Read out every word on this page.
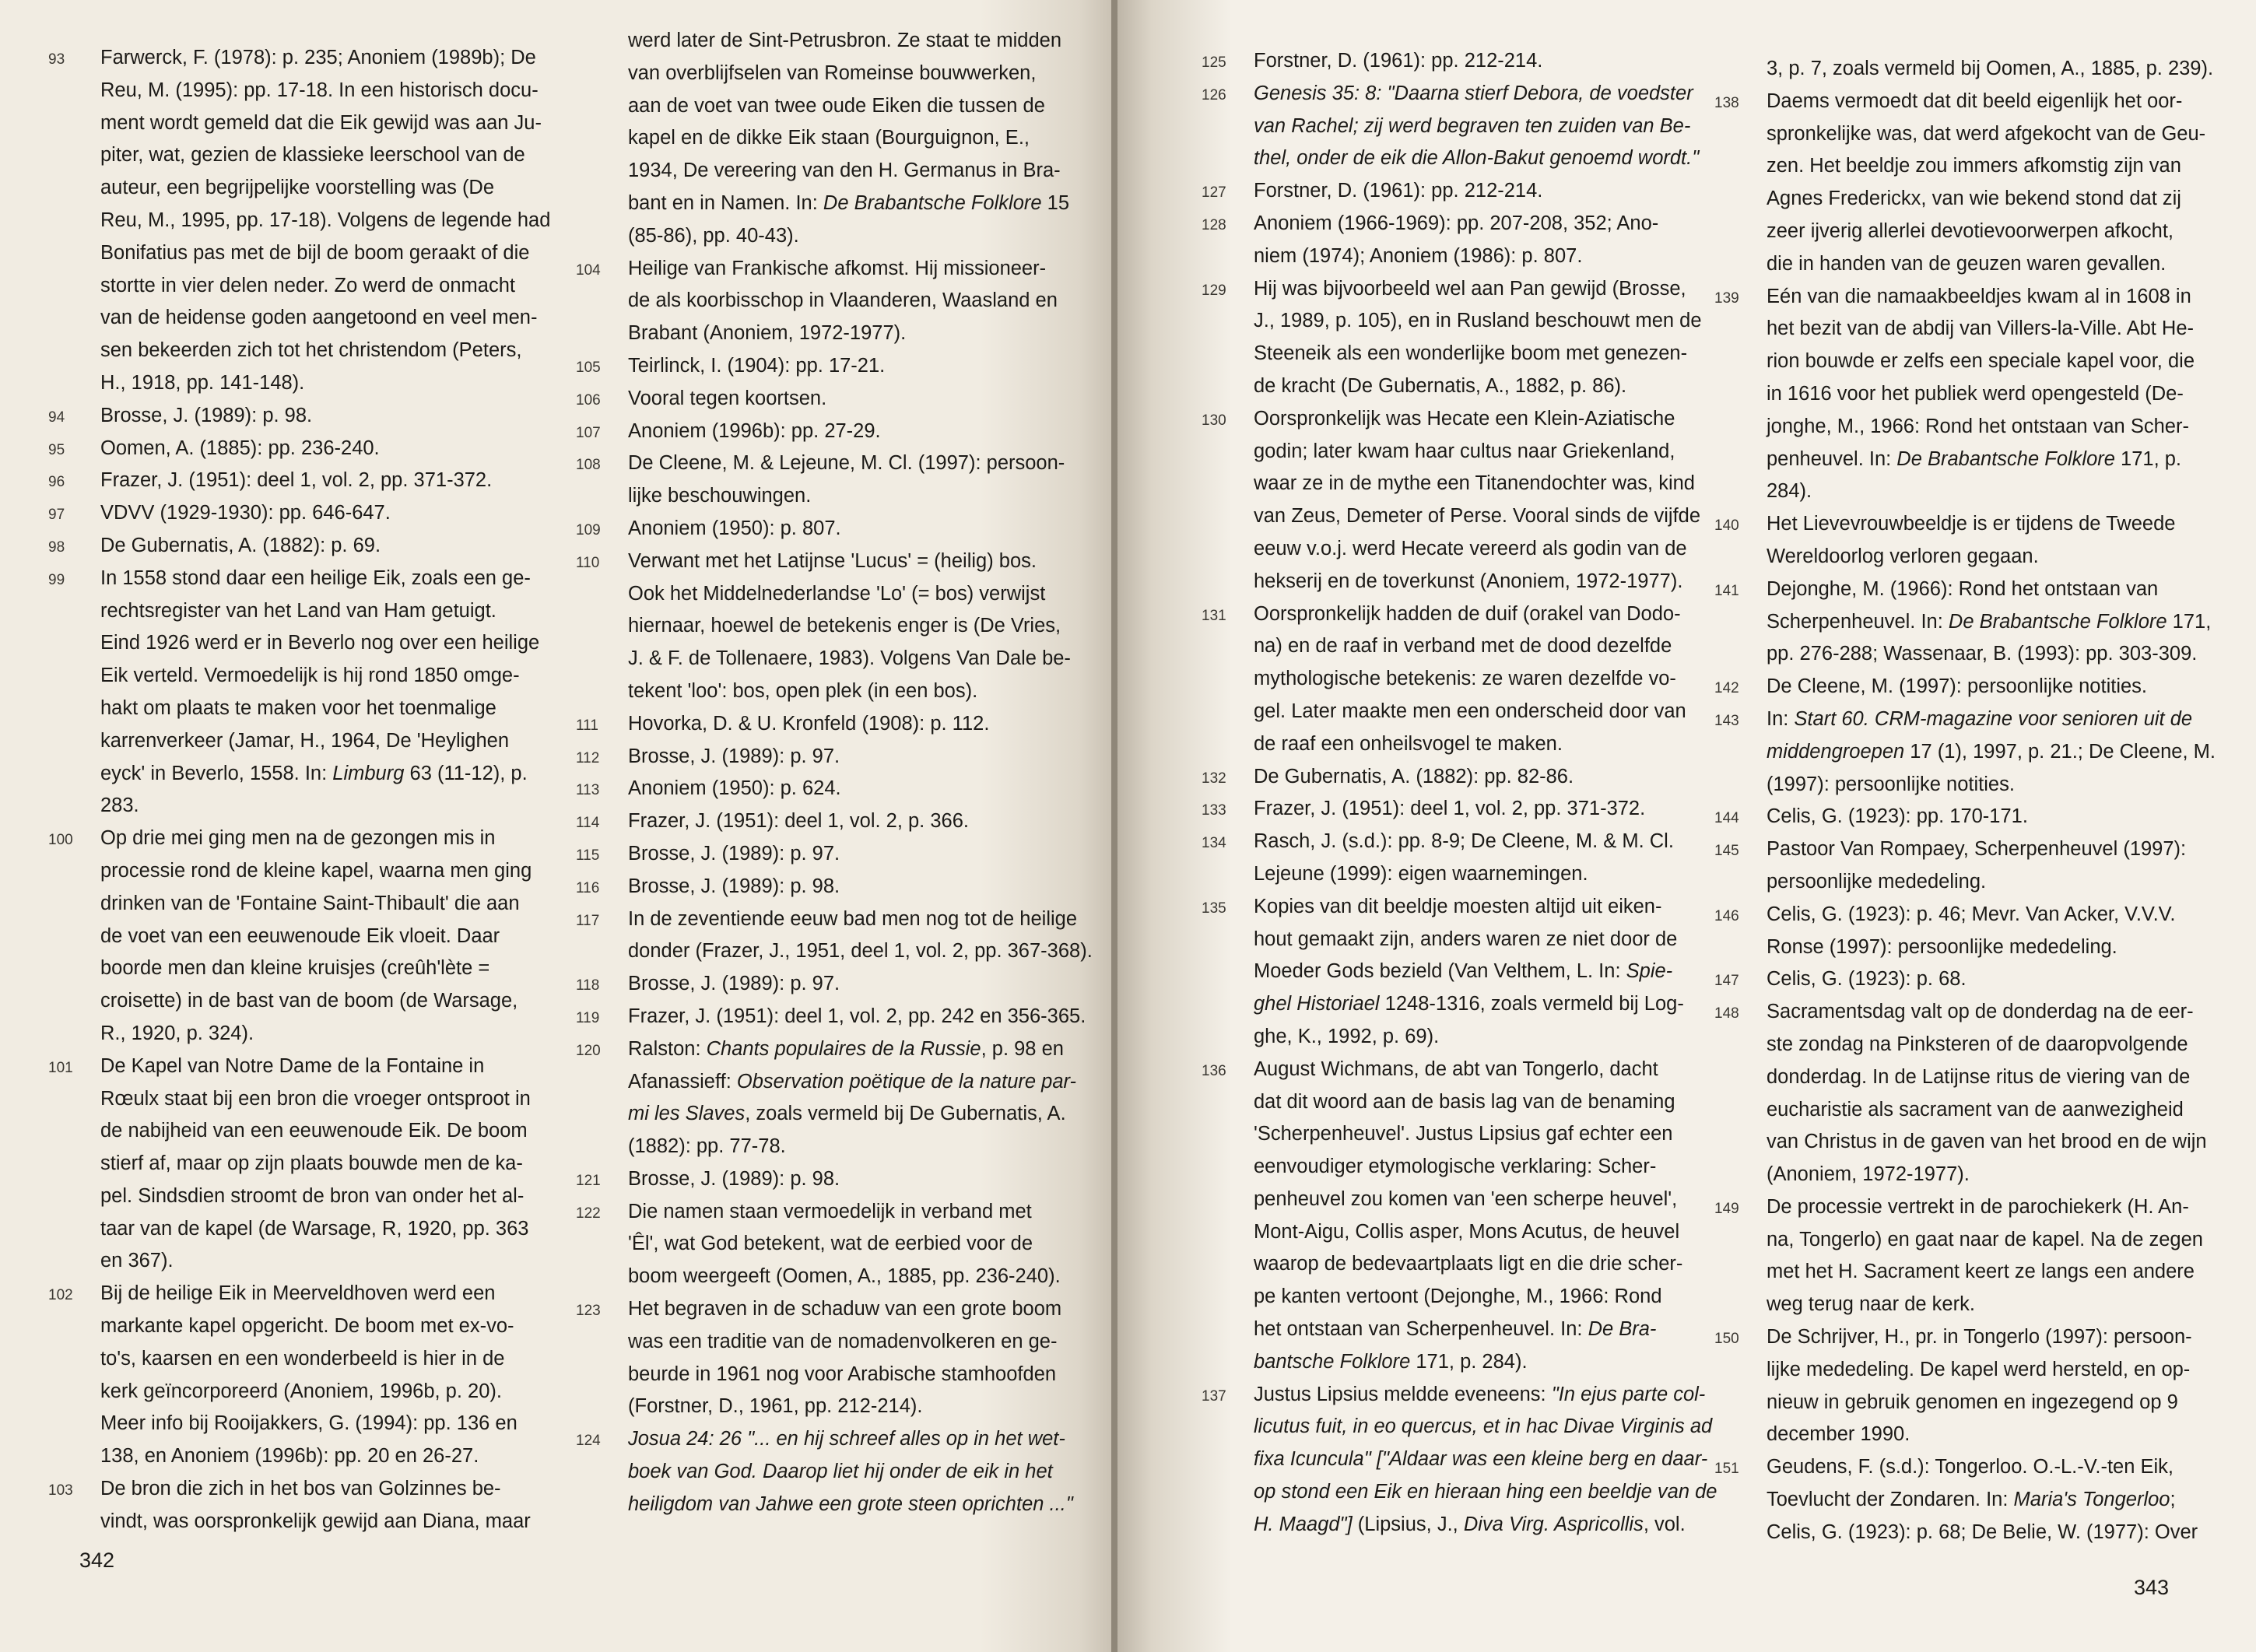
93	Farwerck, F. (1978): p. 235; Anoniem (1989b); De
Reu, M. (1995): pp. 17-18. In een historisch docu-
ment wordt gemeld dat die Eik gewijd was aan Ju-
piter, wat, gezien de klassieke leerschool van de
auteur, een begrijpelijke voorstelling was (De
Reu, M., 1995, pp. 17-18). Volgens de legende had
Bonifatius pas met de bijl de boom geraakt of die
stortte in vier delen neder. Zo werd de onmacht
van de heidense goden aangetoond en veel men-
sen bekeerden zich tot het christendom (Peters,
H., 1918, pp. 141-148).
94	Brosse, J. (1989): p. 98.
95	Oomen, A. (1885): pp. 236-240.
96	Frazer, J. (1951): deel 1, vol. 2, pp. 371-372.
97	VDVV (1929-1930): pp. 646-647.
98	De Gubernatis, A. (1882): p. 69.
99	In 1558 stond daar een heilige Eik, zoals een ge-
rechtsregister van het Land van Ham getuigt.
Eind 1926 werd er in Beverlo nog over een heilige
Eik verteld. Vermoedelijk is hij rond 1850 omge-
hakt om plaats te maken voor het toenmalige
karrenverkeer (Jamar, H., 1964, De 'Heylighen
eyck' in Beverlo, 1558. In: Limburg 63 (11-12), p.
283.
100	Op drie mei ging men na de gezongen mis in
processie rond de kleine kapel, waarna men ging
drinken van de 'Fontaine Saint-Thibault' die aan
de voet van een eeuwenoude Eik vloeit. Daar
boorde men dan kleine kruisjes (creûh'lète =
croisette) in de bast van de boom (de Warsage,
R., 1920, p. 324).
101	De Kapel van Notre Dame de la Fontaine in
Rœulx staat bij een bron die vroeger ontsproot in
de nabijheid van een eeuwenoude Eik. De boom
stierf af, maar op zijn plaats bouwde men de ka-
pel. Sindsdien stroomt de bron van onder het al-
taar van de kapel (de Warsage, R, 1920, pp. 363
en 367).
102	Bij de heilige Eik in Meerveldhoven werd een
markante kapel opgericht. De boom met ex-vo-
to's, kaarsen en een wonderbeeld is hier in de
kerk geïncorporeerd (Anoniem, 1996b, p. 20).
Meer info bij Rooijakkers, G. (1994): pp. 136 en
138, en Anoniem (1996b): pp. 20 en 26-27.
103	De bron die zich in het bos van Golzinnes be-
vindt, was oorspronkelijk gewijd aan Diana, maar
werd later de Sint-Petrusbron. Ze staat te midden
van overblijfselen van Romeinse bouwwerken,
aan de voet van twee oude Eiken die tussen de
kapel en de dikke Eik staan (Bourguignon, E.,
1934, De vereering van den H. Germanus in Bra-
bant en in Namen. In: De Brabantsche Folklore 15
(85-86), pp. 40-43).
104	Heilige van Frankische afkomst. Hij missioneer-
de als koorbisschop in Vlaanderen, Waasland en
Brabant (Anoniem, 1972-1977).
105	Teirlinck, I. (1904): pp. 17-21.
106	Vooral tegen koortsen.
107	Anoniem (1996b): pp. 27-29.
108	De Cleene, M. & Lejeune, M. Cl. (1997): persoon-
lijke beschouwingen.
109	Anoniem (1950): p. 807.
110	Verwant met het Latijnse 'Lucus' = (heilig) bos.
Ook het Middelnederlandse 'Lo' (= bos) verwijst
hiernaar, hoewel de betekenis enger is (De Vries,
J. & F. de Tollenaere, 1983). Volgens Van Dale be-
tekent 'loo': bos, open plek (in een bos).
111	Hovorka, D. & U. Kronfeld (1908): p. 112.
112	Brosse, J. (1989): p. 97.
113	Anoniem (1950): p. 624.
114	Frazer, J. (1951): deel 1, vol. 2, p. 366.
115	Brosse, J. (1989): p. 97.
116	Brosse, J. (1989): p. 98.
117	In de zeventiende eeuw bad men nog tot de heilige
donder (Frazer, J., 1951, deel 1, vol. 2, pp. 367-368).
118	Brosse, J. (1989): p. 97.
119	Frazer, J. (1951): deel 1, vol. 2, pp. 242 en 356-365.
120	Ralston: Chants populaires de la Russie, p. 98 en
Afanassieff: Observation poëtique de la nature par-
mi les Slaves, zoals vermeld bij De Gubernatis, A.
(1882): pp. 77-78.
121	Brosse, J. (1989): p. 98.
122	Die namen staan vermoedelijk in verband met
'Êl', wat God betekent, wat de eerbied voor de
boom weergeeft (Oomen, A., 1885, pp. 236-240).
123	Het begraven in de schaduw van een grote boom
was een traditie van de nomadenvolkeren en ge-
beurde in 1961 nog voor Arabische stamhoofden
(Forstner, D., 1961, pp. 212-214).
124	Josua 24: 26 "... en hij schreef alles op in het wet-
boek van God. Daarop liet hij onder de eik in het
heiligdom van Jahwe een grote steen oprichten ..."
342
125	Forstner, D. (1961): pp. 212-214.
126	Genesis 35: 8: "Daarna stierf Debora, de voedster
van Rachel; zij werd begraven ten zuiden van Be-
thel, onder de eik die Allon-Bakut genoemd wordt."
127	Forstner, D. (1961): pp. 212-214.
128	Anoniem (1966-1969): pp. 207-208, 352; Ano-
niem (1974); Anoniem (1986): p. 807.
129	Hij was bijvoorbeeld wel aan Pan gewijd (Brosse,
J., 1989, p. 105), en in Rusland beschouwt men de
Steeneik als een wonderlijke boom met genezen-
de kracht (De Gubernatis, A., 1882, p. 86).
130	Oorspronkelijk was Hecate een Klein-Aziatische
godin; later kwam haar cultus naar Griekenland,
waar ze in de mythe een Titanendochter was, kind
van Zeus, Demeter of Perse. Vooral sinds de vijfde
eeuw v.o.j. werd Hecate vereerd als godin van de
hekserij en de toverkunst (Anoniem, 1972-1977).
131	Oorspronkelijk hadden de duif (orakel van Dodo-
na) en de raaf in verband met de dood dezelfde
mythologische betekenis: ze waren dezelfde vo-
gel. Later maakte men een onderscheid door van
de raaf een onheilsvogel te maken.
132	De Gubernatis, A. (1882): pp. 82-86.
133	Frazer, J. (1951): deel 1, vol. 2, pp. 371-372.
134	Rasch, J. (s.d.): pp. 8-9; De Cleene, M. & M. Cl.
Lejeune (1999): eigen waarnemingen.
135	Kopies van dit beeldje moesten altijd uit eiken-
hout gemaakt zijn, anders waren ze niet door de
Moeder Gods bezield (Van Velthem, L. In: Spie-
ghel Historiael 1248-1316, zoals vermeld bij Log-
ghe, K., 1992, p. 69).
136	August Wichmans, de abt van Tongerlo, dacht
dat dit woord aan de basis lag van de benaming
'Scherpenheuvel'. Justus Lipsius gaf echter een
eenvoudiger etymologische verklaring: Scher-
penheuvel zou komen van 'een scherpe heuvel',
Mont-Aigu, Collis asper, Mons Acutus, de heuvel
waarop de bedevaartplaats ligt en die drie scher-
pe kanten vertoont (Dejonghe, M., 1966: Rond
het ontstaan van Scherpenheuvel. In: De Bra-
bantsche Folklore 171, p. 284).
137	Justus Lipsius meldde eveneens: "In ejus parte col-
licutus fuit, in eo quercus, et in hac Divae Virginis ad
fixa Icuncula" ["Aldaar was een kleine berg en daar-
op stond een Eik en hieraan hing een beeldje van de
H. Maagd"] (Lipsius, J., Diva Virg. Aspricollis, vol.
3, p. 7, zoals vermeld bij Oomen, A., 1885, p. 239).
138	Daems vermoedt dat dit beeld eigenlijk het oor-
spronkelijke was, dat werd afgekocht van de Geu-
zen. Het beeldje zou immers afkomstig zijn van
Agnes Frederickx, van wie bekend stond dat zij
zeer ijverig allerlei devotievoorwerpen afkocht,
die in handen van de geuzen waren gevallen.
139	Eén van die namaakbeeldjes kwam al in 1608 in
het bezit van de abdij van Villers-la-Ville. Abt He-
rion bouwde er zelfs een speciale kapel voor, die
in 1616 voor het publiek werd opengesteld (De-
jonghe, M., 1966: Rond het ontstaan van Scher-
penheuvel. In: De Brabantsche Folklore 171, p.
284).
140	Het Lievevrouwbeeldje is er tijdens de Tweede
Wereldoorlog verloren gegaan.
141	Dejonghe, M. (1966): Rond het ontstaan van
Scherpenheuvel. In: De Brabantsche Folklore 171,
pp. 276-288; Wassenaar, B. (1993): pp. 303-309.
142	De Cleene, M. (1997): persoonlijke notities.
143	In: Start 60. CRM-magazine voor senioren uit de
middengroepen 17 (1), 1997, p. 21.; De Cleene, M.
(1997): persoonlijke notities.
144	Celis, G. (1923): pp. 170-171.
145	Pastoor Van Rompaey, Scherpenheuvel (1997):
persoonlijke mededeling.
146	Celis, G. (1923): p. 46; Mevr. Van Acker, V.V.V.
Ronse (1997): persoonlijke mededeling.
147	Celis, G. (1923): p. 68.
148	Sacramentsdag valt op de donderdag na de eer-
ste zondag na Pinksteren of de daaropvolgende
donderdag. In de Latijnse ritus de viering van de
eucharistie als sacrament van de aanwezigheid
van Christus in de gaven van het brood en de wijn
(Anoniem, 1972-1977).
149	De processie vertrekt in de parochiekerk (H. An-
na, Tongerlo) en gaat naar de kapel. Na de zegen
met het H. Sacrament keert ze langs een andere
weg terug naar de kerk.
150	De Schrijver, H., pr. in Tongerlo (1997): persoon-
lijke mededeling. De kapel werd hersteld, en op-
nieuw in gebruik genomen en ingezegend op 9
december 1990.
151	Geudens, F. (s.d.): Tongerloo. O.-L.-V.-ten Eik,
Toevlucht der Zondaren. In: Maria's Tongerloo;
Celis, G. (1923): p. 68; De Belie, W. (1977): Over
343
